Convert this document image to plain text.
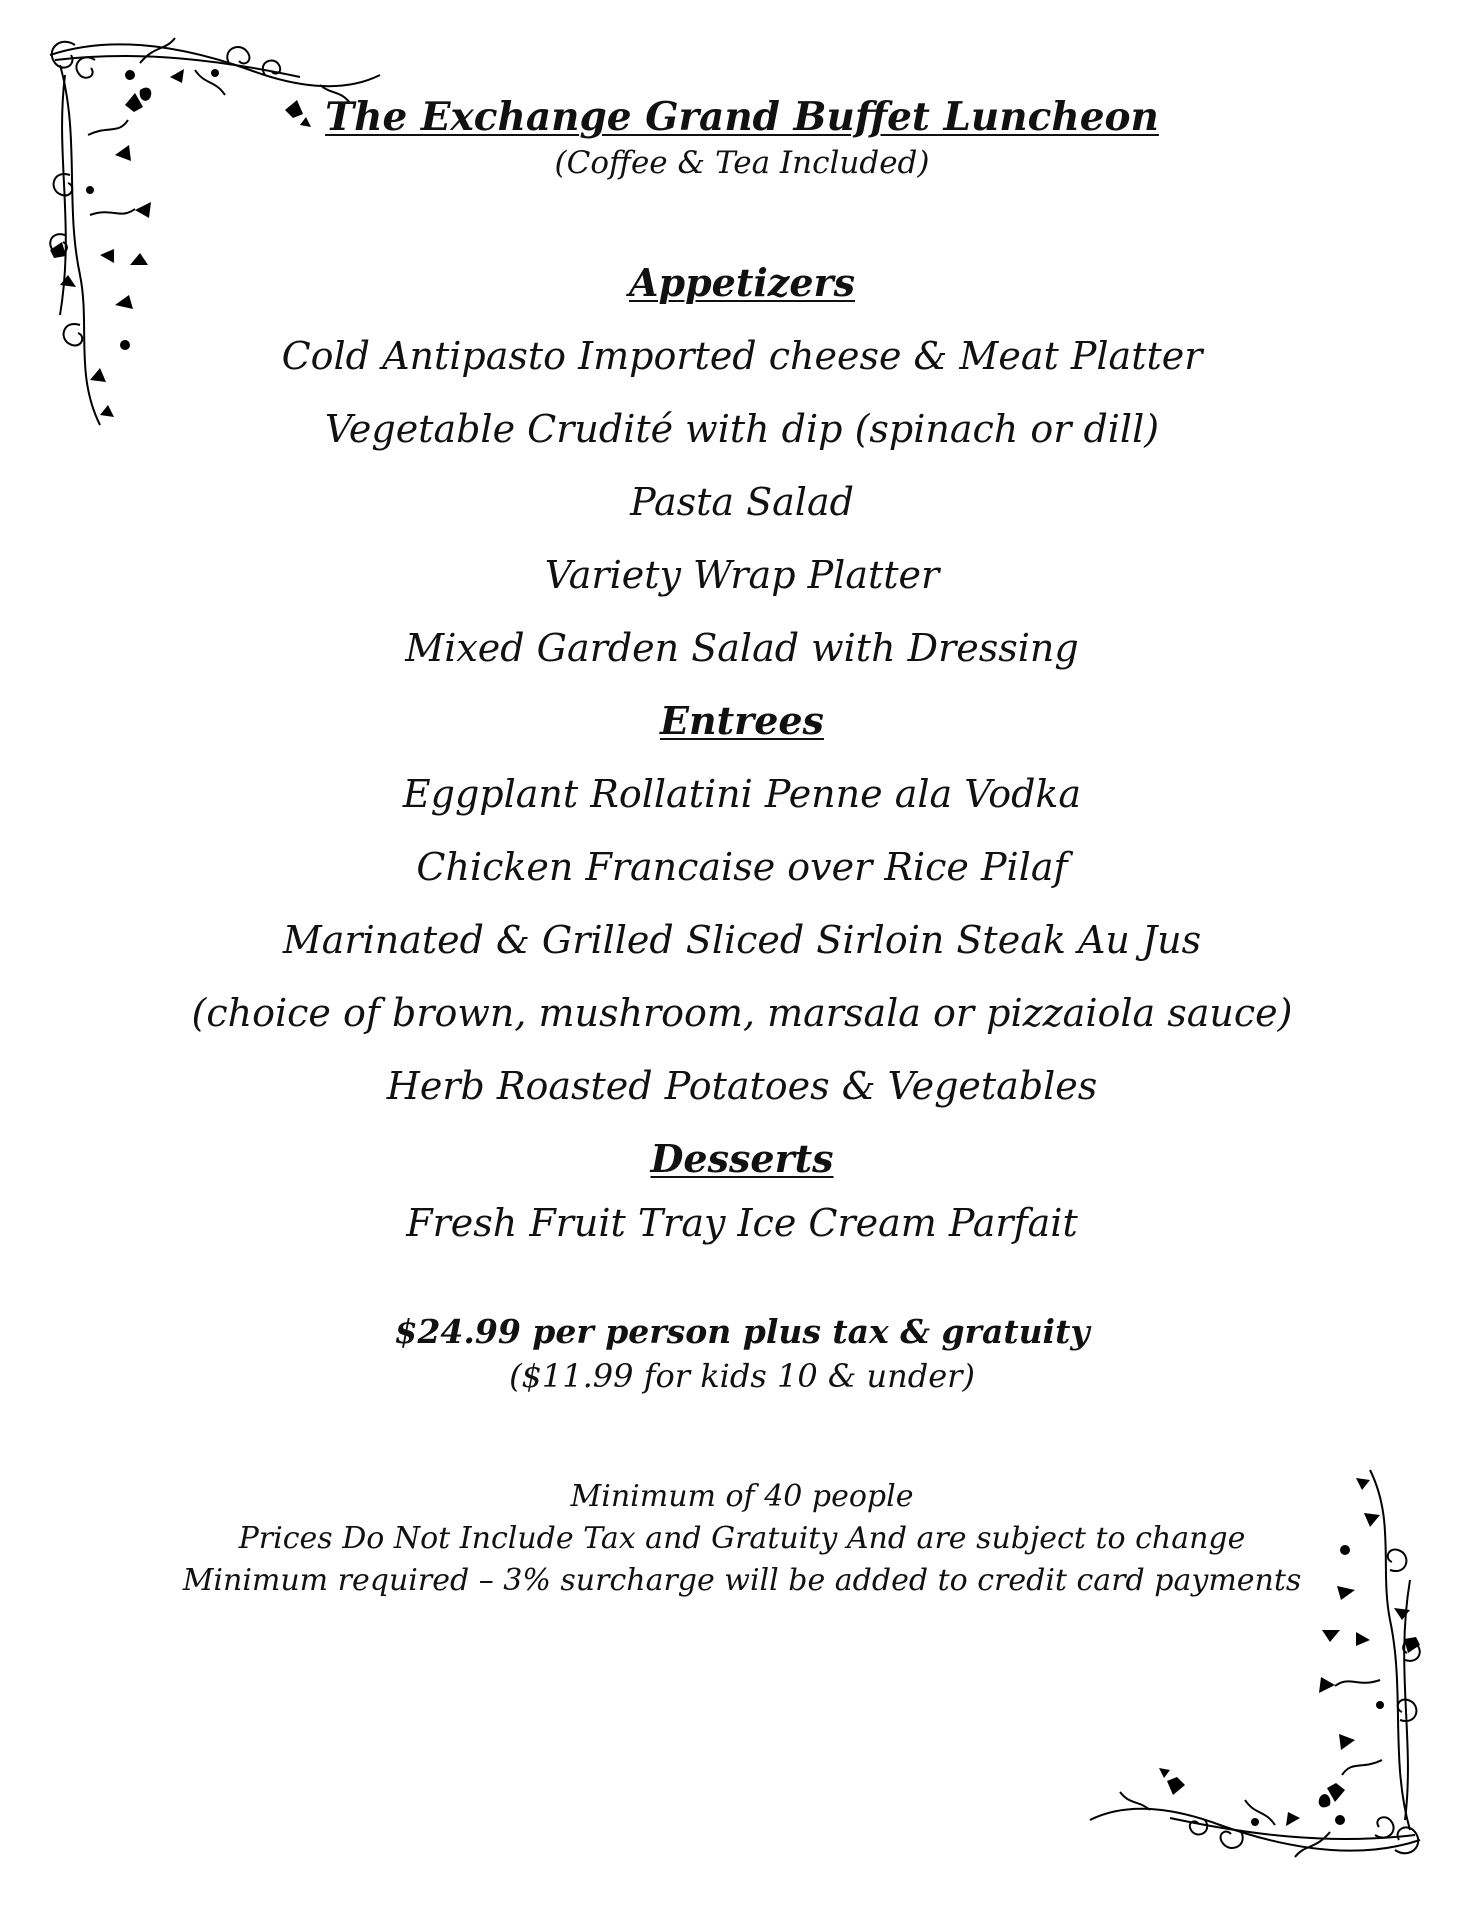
The Exchange Grand Buffet Luncheon
(Coffee & Tea Included)
Appetizers
Cold Antipasto Imported cheese & Meat Platter
Vegetable Crudité with dip (spinach or dill)
Pasta Salad
Variety Wrap Platter
Mixed Garden Salad with Dressing
Entrees
Eggplant Rollatini Penne ala Vodka
Chicken Francaise over Rice Pilaf
Marinated & Grilled Sliced Sirloin Steak Au Jus
(choice of brown, mushroom, marsala or pizzaiola sauce)
Herb Roasted Potatoes & Vegetables
Desserts
Fresh Fruit Tray Ice Cream Parfait
$24.99 per person plus tax & gratuity
($11.99 for kids 10 & under)
Minimum of 40 people
Prices Do Not Include Tax and Gratuity And are subject to change
Minimum required – 3% surcharge will be added to credit card payments
